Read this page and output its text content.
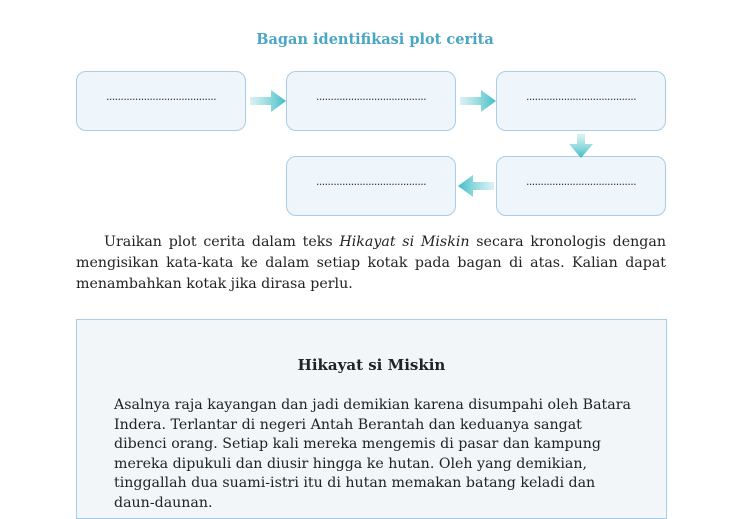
Bagan identifikasi plot cerita
......................................	......................................	......................................
......................................
......................................

Uraikan plot cerita dalam teks Hikayat si Miskin secara kronologis dengan mengisikan kata-kata ke dalam setiap kotak pada bagan di atas. Kalian dapat menambahkan kotak jika dirasa perlu.

Hikayat si Miskin

Asalnya raja kayangan dan jadi demikian karena disumpahi oleh Batara Indera. Terlantar di negeri Antah Berantah dan keduanya sangat dibenci orang. Setiap kali mereka mengemis di pasar dan kampung mereka dipukuli dan diusir hingga ke hutan. Oleh yang demikian, tinggallah dua suami-istri itu di hutan memakan batang keladi dan daun-daunan.
